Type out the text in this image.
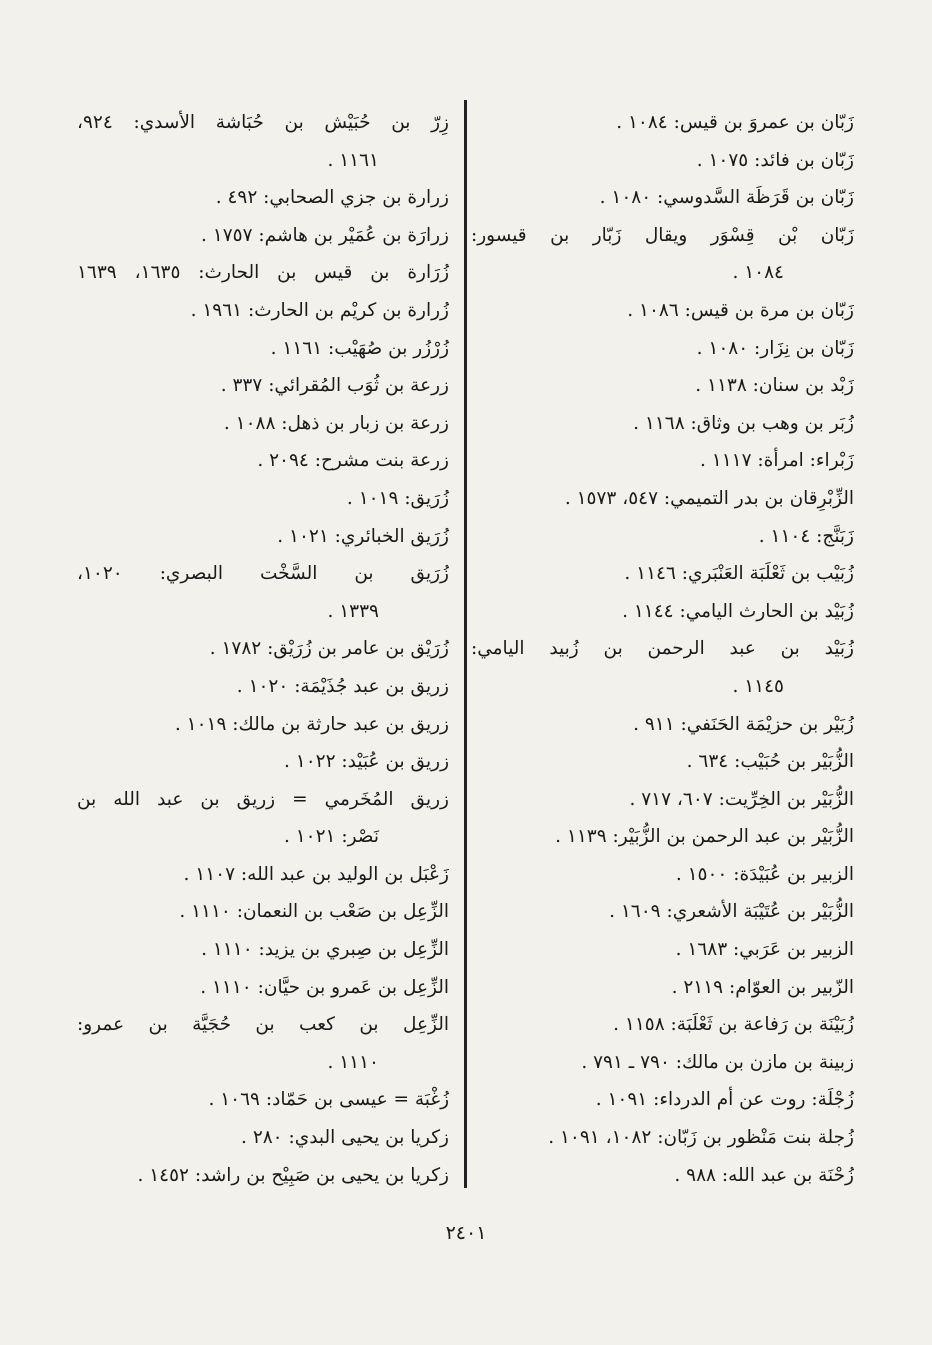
زَبّان بن عمروَ بن قيس: ١٠٨٤ .
زَبّان بن فائد: ١٠٧٥ .
زَبّان بن قَرَظَة السَّدوسي: ١٠٨٠ .
زَبّان بْن قِسْوَر ويقال زَبّار بن قيسور:
١٠٨٤ .
زَبّان بن مرة بن قيس: ١٠٨٦ .
زَبّان بن نِزَار: ١٠٨٠ .
زَبْد بن سنان: ١١٣٨ .
زُبَر بن وهب بن وثاق: ١١٦٨ .
زَبْراء: امرأة: ١١١٧ .
الزِّبْرِقان بن بدر التميمي: ٥٤٧، ١٥٧٣ .
زَبَنَّج: ١١٠٤ .
زُبَيْب بن ثَعْلَبَة العَنْبَري: ١١٤٦ .
زُبَيْد بن الحارث اليامي: ١١٤٤ .
زُبَيْد بن عبد الرحمن بن زُبيد اليامي:
١١٤٥ .
زُبَيْر بن حزيْمَة الحَنَفي: ٩١١ .
الزُّبَيْر بن حُبَيْب: ٦٣٤ .
الزُّبَيْر بن الخِرِّيت: ٦٠٧، ٧١٧ .
الزُّبَيْر بن عبد الرحمن بن الزُّبَيْر: ١١٣٩ .
الزبير بن عُبَيْدَة: ١٥٠٠ .
الزُّبَيْر بن عُتَيْبَة الأشعري: ١٦٠٩ .
الزبير بن عَرَبي: ١٦٨٣ .
الزّبير بن العوّام: ٢١١٩ .
زُبَيْنَة بن رَفاعة بن ثَعْلَبَة: ١١٥٨ .
زبينة بن مازن بن مالك: ٧٩٠ ـ ٧٩١ .
زُجْلَة: روت عن أم الدرداء: ١٠٩١ .
زُجلة بنت مَنْظور بن زَبّان: ١٠٨٢، ١٠٩١ .
زُحْنَة بن عبد الله: ٩٨٨ .
زِرّ بن حُبَيْش بن حُبَاشة الأسدي: ٩٢٤،
١١٦١ .
زرارة بن جزي الصحابي: ٤٩٢ .
زرارَة بن عُمَيْر بن هاشم: ١٧٥٧ .
زُرَارة بن قيس بن الحارث: ١٦٣٥، ١٦٣٩
زُرارة بن كريْم بن الحارث: ١٩٦١ .
زُرْزُر بن صُهَيْب: ١١٦١ .
زرعة بن ثُوَب المُقرائي: ٣٣٧ .
زرعة بن زبار بن ذهل: ١٠٨٨ .
زرعة بنت مشرح: ٢٠٩٤ .
زُرَيق: ١٠١٩ .
زُرَيق الخبائري: ١٠٢١ .
زُرَيق بن السَّخْت البصري: ١٠٢٠،
١٣٣٩ .
زُرَيْق بن عامر بن زُرَيْق: ١٧٨٢ .
زريق بن عبد جُذَيْمَة: ١٠٢٠ .
زريق بن عبد حارثة بن مالك: ١٠١٩ .
زريق بن عُبَيْد: ١٠٢٢ .
زريق المُخَرمي = زريق بن عبد الله بن
نَصْر: ١٠٢١ .
زَعْبَل بن الوليد بن عبد الله: ١١٠٧ .
الزِّعِل بن صَعْب بن النعمان: ١١١٠ .
الزِّعِل بن صِبري بن يزيد: ١١١٠ .
الزِّعِل بن عَمرو بن حيَّان: ١١١٠ .
الزِّعِل بن كعب بن حُجَيَّة بن عمرو:
١١١٠ .
زُغْبَة = عيسى بن حَمّاد: ١٠٦٩ .
زكريا بن يحيى البدي: ٢٨٠ .
زكريا بن يحيى بن صَبِيْح بن راشد: ١٤٥٢ .
٢٤٠١
